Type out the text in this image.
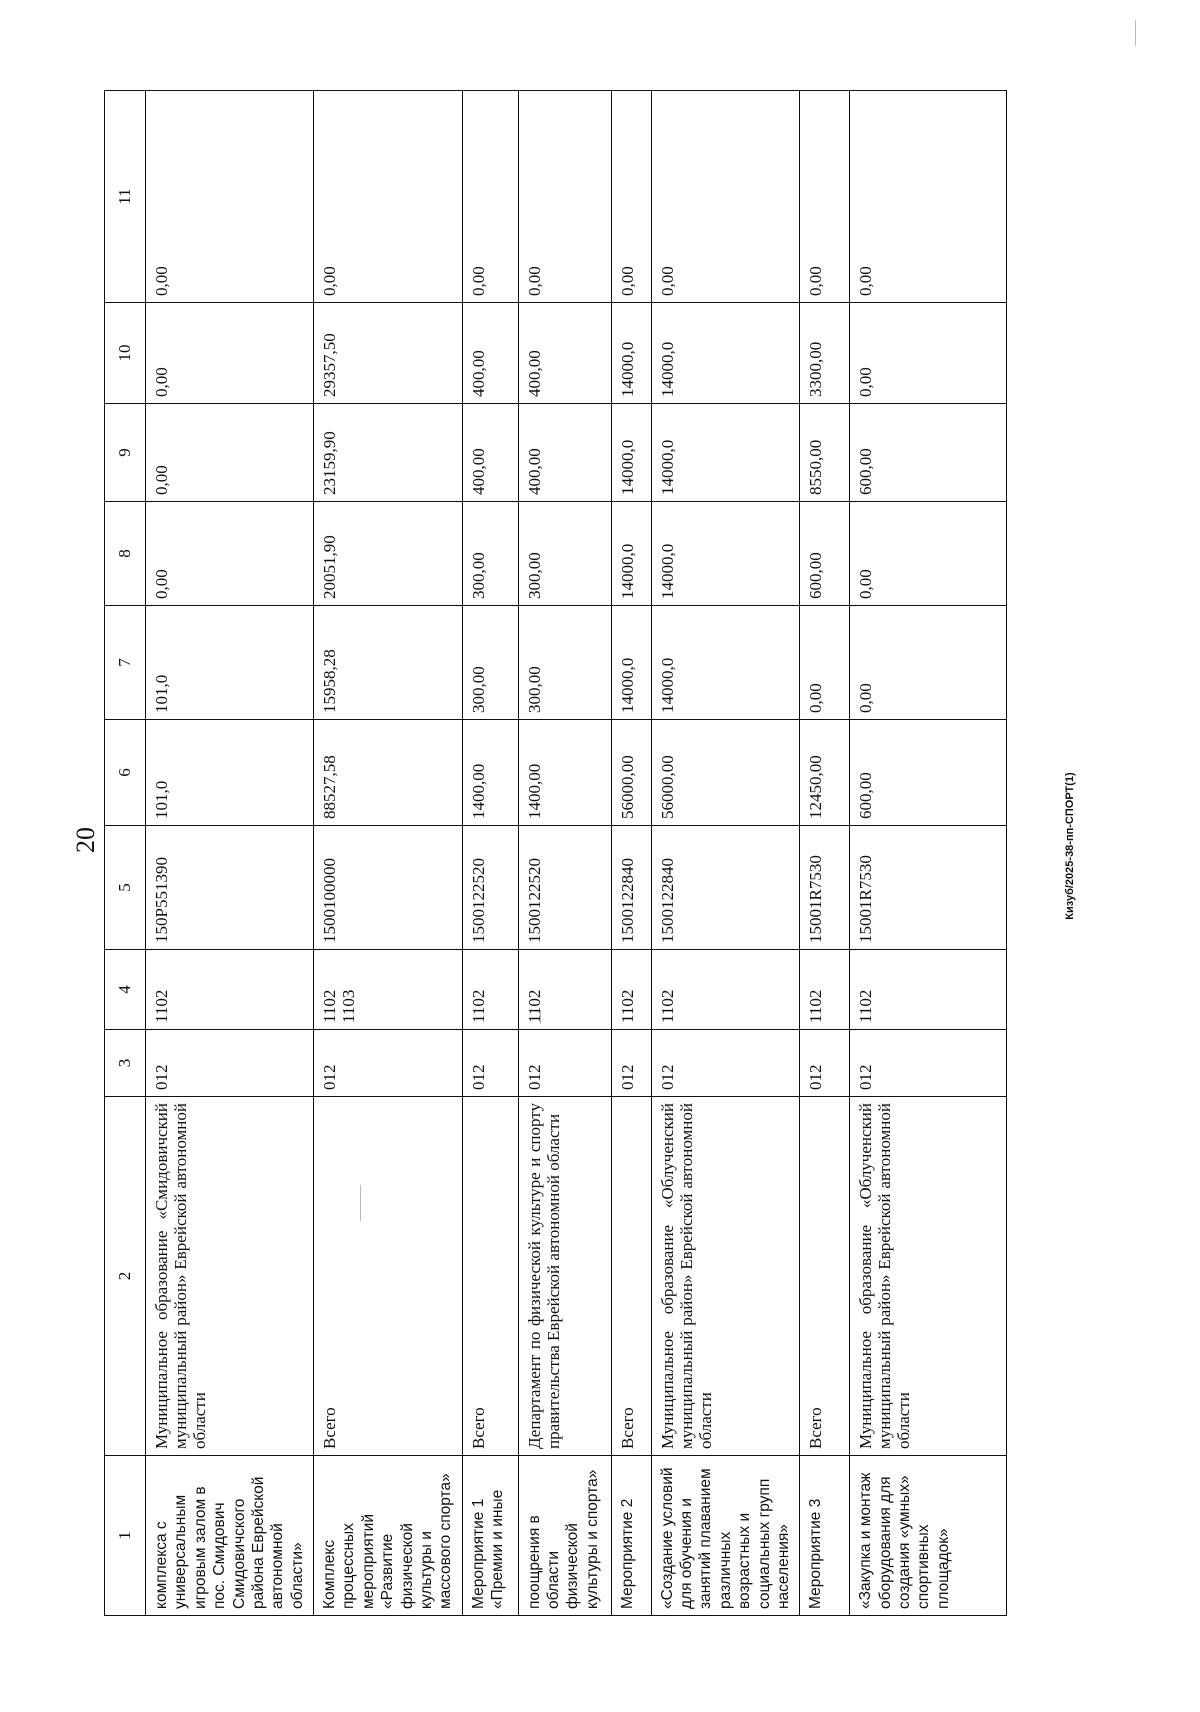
20	Кизуб/2025-38-пп-СПОРТ(1)
1	2	3	4	5	6	7	8	9	10	11
комплекса с универсальным игровым залом в пос. Смидович Смидовичского района Еврейской автономной области»	Муниципальное образование «Смидовичский муниципальный район» Еврейской автономной области	012	1102	150P551390	101,0	101,0	0,00	0,00	0,00	0,00
Комплекс процессных мероприятий «Развитие физической культуры и массового спорта»	Всего	012	1102 1103	1500100000	88527,58	15958,28	20051,90	23159,90	29357,50	0,00
Мероприятие 1 «Премии и иные	Всего	012	1102	1500122520	1400,00	300,00	300,00	400,00	400,00	0,00
поощрения в области физической культуры и спорта»	Департамент по физической культуре и спорту правительства Еврейской автономной области	012	1102	1500122520	1400,00	300,00	300,00	400,00	400,00	0,00
Мероприятие 2	Всего	012	1102	1500122840	56000,00	14000,0	14000,0	14000,0	14000,0	0,00
«Создание условий для обучения и занятий плаванием различных возрастных и социальных групп населения»	Муниципальное образование «Облученский муниципальный район» Еврейской автономной области	012	1102	1500122840	56000,00	14000,0	14000,0	14000,0	14000,0	0,00
Мероприятие 3	Всего	012	1102	15001R7530	12450,00	0,00	600,00	8550,00	3300,00	0,00
«Закупка и монтаж оборудования для создания «умных» спортивных площадок»	Муниципальное образование «Облученский муниципальный район» Еврейской автономной области	012	1102	15001R7530	600,00	0,00	0,00	600,00	0,00	0,00
